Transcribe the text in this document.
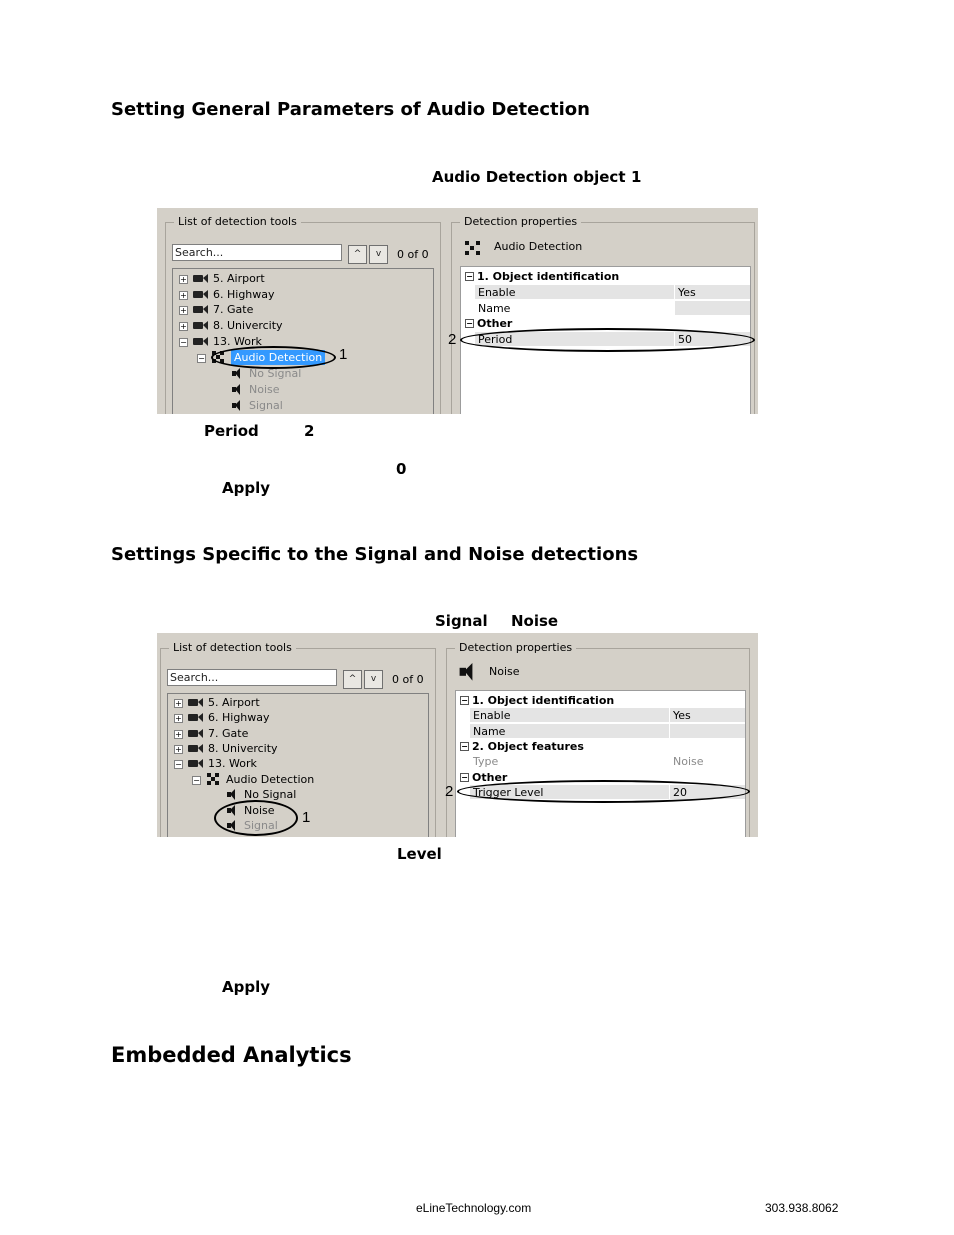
Setting General Parameters of Audio Detection
Audio Detection object 1
List of detection tools
Search...	^	v	0 of 0
+ 5. Airport
+ 6. Highway
+ 7. Gate
+ 8. Univercity
− 13. Work
−	Audio Detection
No Signal
Noise
Signal
1
Detection properties
Audio Detection
− 1. Object identification
Enable	Yes
Name
− Other
Period	50
2
Period	2
0
Apply
Settings Specific to the Signal and Noise detections
Signal Noise
List of detection tools
Search...	^	v	0 of 0
+ 5. Airport
+ 6. Highway
+ 7. Gate
+ 8. Univercity
− 13. Work
− Audio Detection
No Signal
Noise
Signal 1
Detection properties
Noise
− 1. Object identification
Enable	Yes
Name
− 2. Object features
Type	Noise
− Other
Trigger Level	20
2
Level
Apply
Embedded Analytics
eLineTechnology.com	303.938.8062
